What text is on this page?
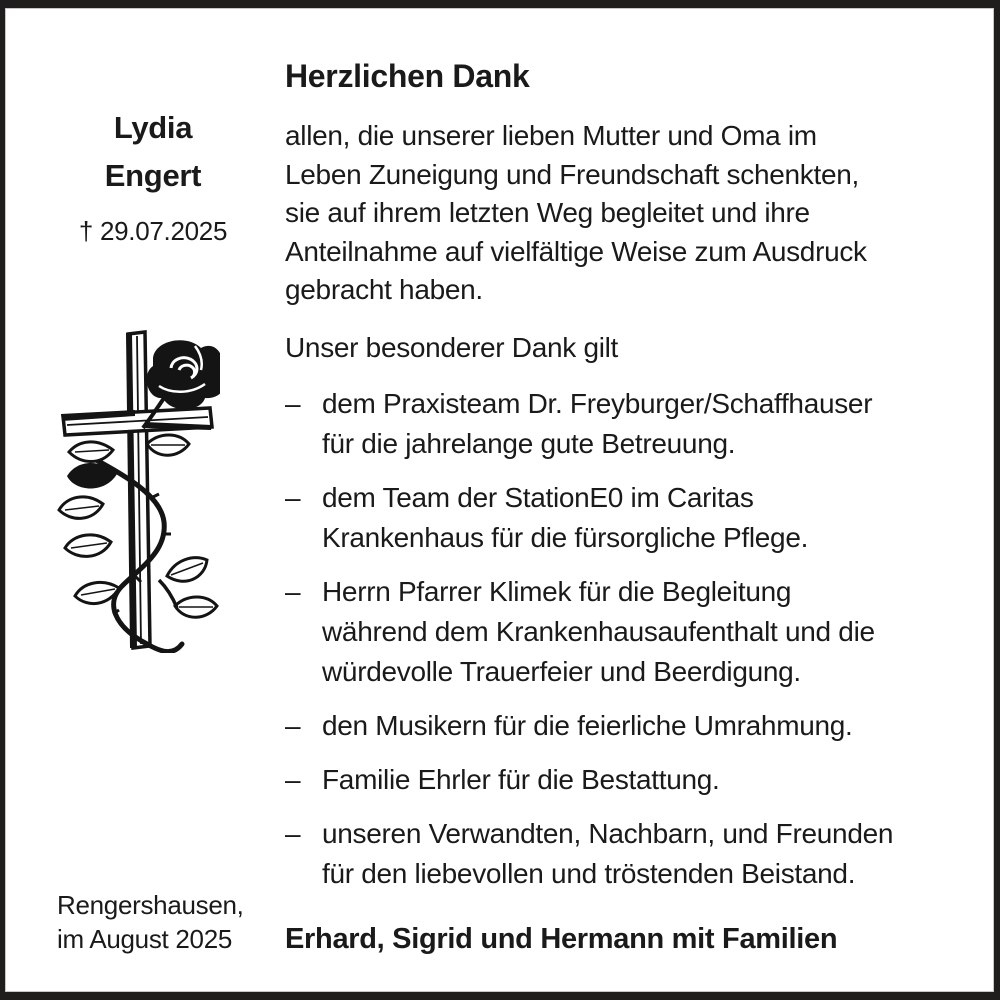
Lydia
Engert
† 29.07.2025
Herzlichen Dank
allen, die unserer lieben Mutter und Oma im
Leben Zuneigung und Freundschaft schenkten,
sie auf ihrem letzten Weg begleitet und ihre
Anteilnahme auf vielfältige Weise zum Ausdruck
gebracht haben.
Unser besonderer Dank gilt
– dem Praxisteam Dr. Freyburger/Schaffhauser
für die jahrelange gute Betreuung.
– dem Team der StationE0 im Caritas
Krankenhaus für die fürsorgliche Pflege.
– Herrn Pfarrer Klimek für die Begleitung
während dem Krankenhausaufenthalt und die
würdevolle Trauerfeier und Beerdigung.
– den Musikern für die feierliche Umrahmung.
– Familie Ehrler für die Bestattung.
– unseren Verwandten, Nachbarn, und Freunden
für den liebevollen und tröstenden Beistand.
Rengershausen,
im August 2025	Erhard, Sigrid und Hermann mit Familien
